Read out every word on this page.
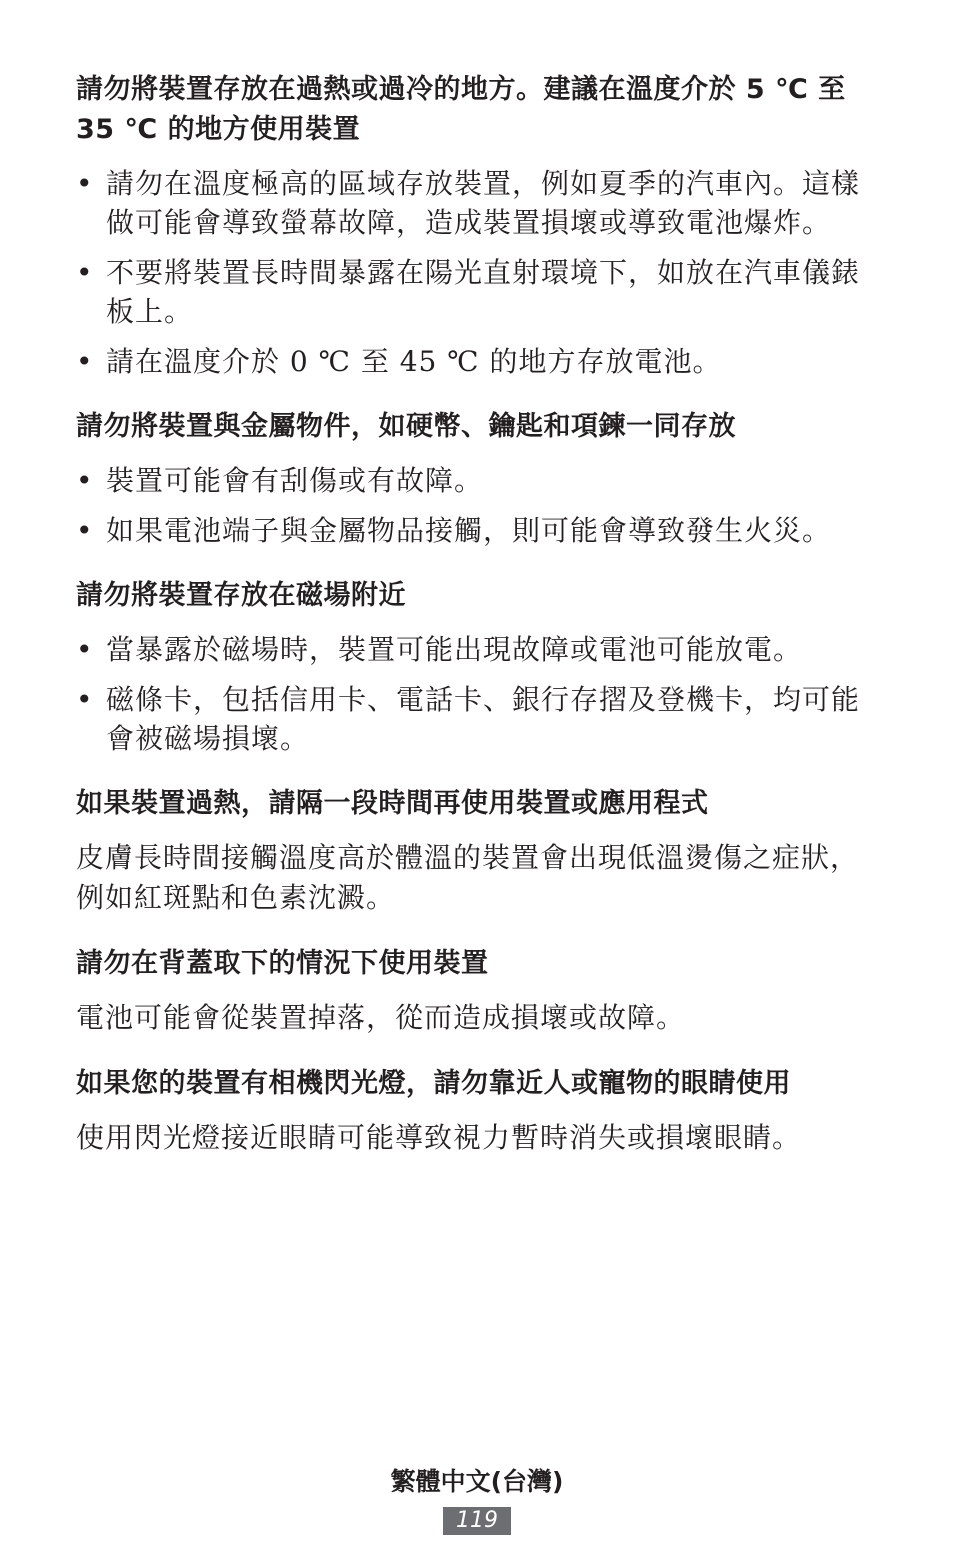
請勿將裝置存放在過熱或過冷的地方。建議在溫度介於 5 ℃ 至 35 ℃ 的地方使用裝置
• 請勿在溫度極高的區域存放裝置，例如夏季的汽車內。這樣做可能會導致螢幕故障，造成裝置損壞或導致電池爆炸。
• 不要將裝置長時間暴露在陽光直射環境下，如放在汽車儀錶板上。
• 請在溫度介於 0 ℃ 至 45 ℃ 的地方存放電池。
請勿將裝置與金屬物件，如硬幣、鑰匙和項鍊一同存放
• 裝置可能會有刮傷或有故障。
• 如果電池端子與金屬物品接觸，則可能會導致發生火災。
請勿將裝置存放在磁場附近
• 當暴露於磁場時，裝置可能出現故障或電池可能放電。
• 磁條卡，包括信用卡、電話卡、銀行存摺及登機卡，均可能會被磁場損壞。
如果裝置過熱，請隔一段時間再使用裝置或應用程式

皮膚長時間接觸溫度高於體溫的裝置會出現低溫燙傷之症狀，例如紅斑點和色素沈澱。

請勿在背蓋取下的情況下使用裝置

電池可能會從裝置掉落，從而造成損壞或故障。

如果您的裝置有相機閃光燈，請勿靠近人或寵物的眼睛使用

使用閃光燈接近眼睛可能導致視力暫時消失或損壞眼睛。

繁體中文(台灣)
119
